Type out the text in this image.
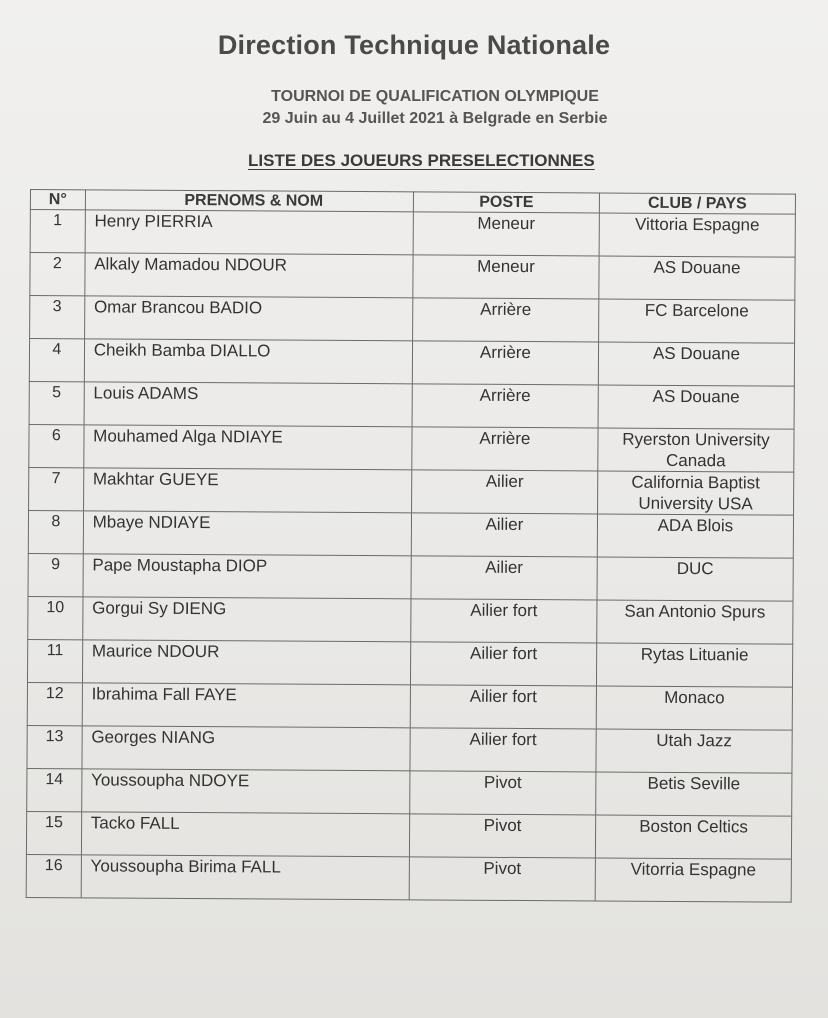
Direction Technique Nationale
TOURNOI DE QUALIFICATION OLYMPIQUE
29 Juin au 4 Juillet 2021 à Belgrade en Serbie
LISTE DES JOUEURS PRESELECTIONNES
N°	PRENOMS & NOM	POSTE	CLUB / PAYS
1	Henry PIERRIA	Meneur	Vittoria Espagne
2	Alkaly Mamadou NDOUR	Meneur	AS Douane
3	Omar Brancou BADIO	Arrière	FC Barcelone
4	Cheikh Bamba DIALLO	Arrière	AS Douane
5	Louis ADAMS	Arrière	AS Douane
6	Mouhamed Alga NDIAYE	Arrière	Ryerston University Canada
7	Makhtar GUEYE	Ailier	California Baptist University USA
8	Mbaye NDIAYE	Ailier	ADA Blois
9	Pape Moustapha DIOP	Ailier	DUC
10	Gorgui Sy DIENG	Ailier fort	San Antonio Spurs
11	Maurice NDOUR	Ailier fort	Rytas Lituanie
12	Ibrahima Fall FAYE	Ailier fort	Monaco
13	Georges NIANG	Ailier fort	Utah Jazz
14	Youssoupha NDOYE	Pivot	Betis Seville
15	Tacko FALL	Pivot	Boston Celtics
16	Youssoupha Birima FALL	Pivot	Vitorria Espagne
